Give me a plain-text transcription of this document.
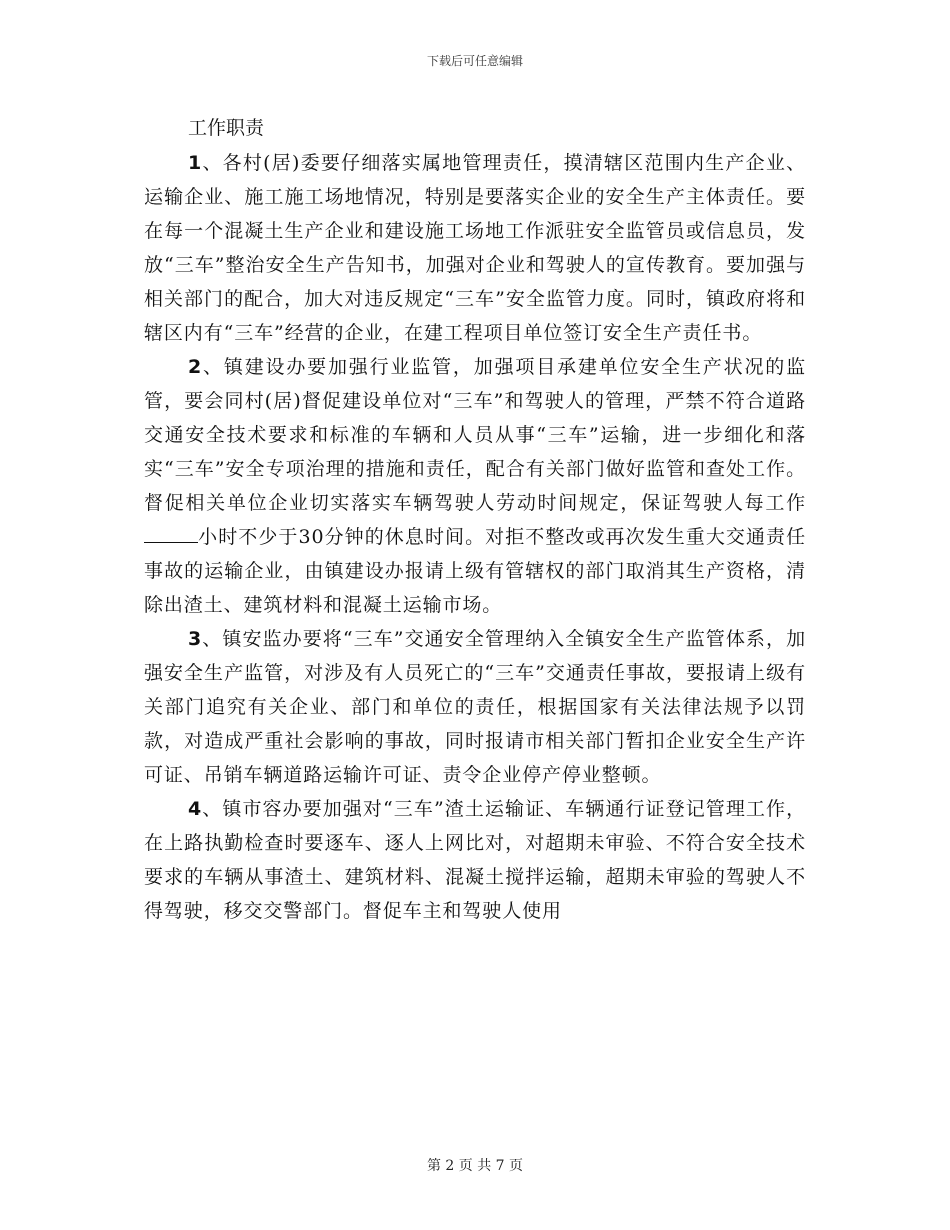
下载后可任意编辑
工作职责

1、各村(居)委要仔细落实属地管理责任，摸清辖区范围内生产企业、运输企业、施工施工场地情况，特别是要落实企业的安全生产主体责任。要在每一个混凝土生产企业和建设施工场地工作派驻安全监管员或信息员，发放“三车”整治安全生产告知书，加强对企业和驾驶人的宣传教育。要加强与相关部门的配合，加大对违反规定“三车”安全监管力度。同时，镇政府将和辖区内有“三车”经营的企业，在建工程项目单位签订安全生产责任书。

2、镇建设办要加强行业监管，加强项目承建单位安全生产状况的监管，要会同村(居)督促建设单位对“三车”和驾驶人的管理，严禁不符合道路交通安全技术要求和标准的车辆和人员从事“三车”运输，进一步细化和落实“三车”安全专项治理的措施和责任，配合有关部门做好监管和查处工作。督促相关单位企业切实落实车辆驾驶人劳动时间规定，保证驾驶人每工作小时不少于30分钟的休息时间。对拒不整改或再次发生重大交通责任事故的运输企业，由镇建设办报请上级有管辖权的部门取消其生产资格，清除出渣土、建筑材料和混凝土运输市场。

3、镇安监办要将“三车”交通安全管理纳入全镇安全生产监管体系，加强安全生产监管，对涉及有人员死亡的“三车”交通责任事故，要报请上级有关部门追究有关企业、部门和单位的责任，根据国家有关法律法规予以罚款，对造成严重社会影响的事故，同时报请市相关部门暂扣企业安全生产许可证、吊销车辆道路运输许可证、责令企业停产停业整顿。

4、镇市容办要加强对“三车”渣土运输证、车辆通行证登记管理工作，在上路执勤检查时要逐车、逐人上网比对，对超期未审验、不符合安全技术要求的车辆从事渣土、建筑材料、混凝土搅拌运输，超期未审验的驾驶人不得驾驶，移交交警部门。督促车主和驾驶人使用

第 2 页 共 7 页
